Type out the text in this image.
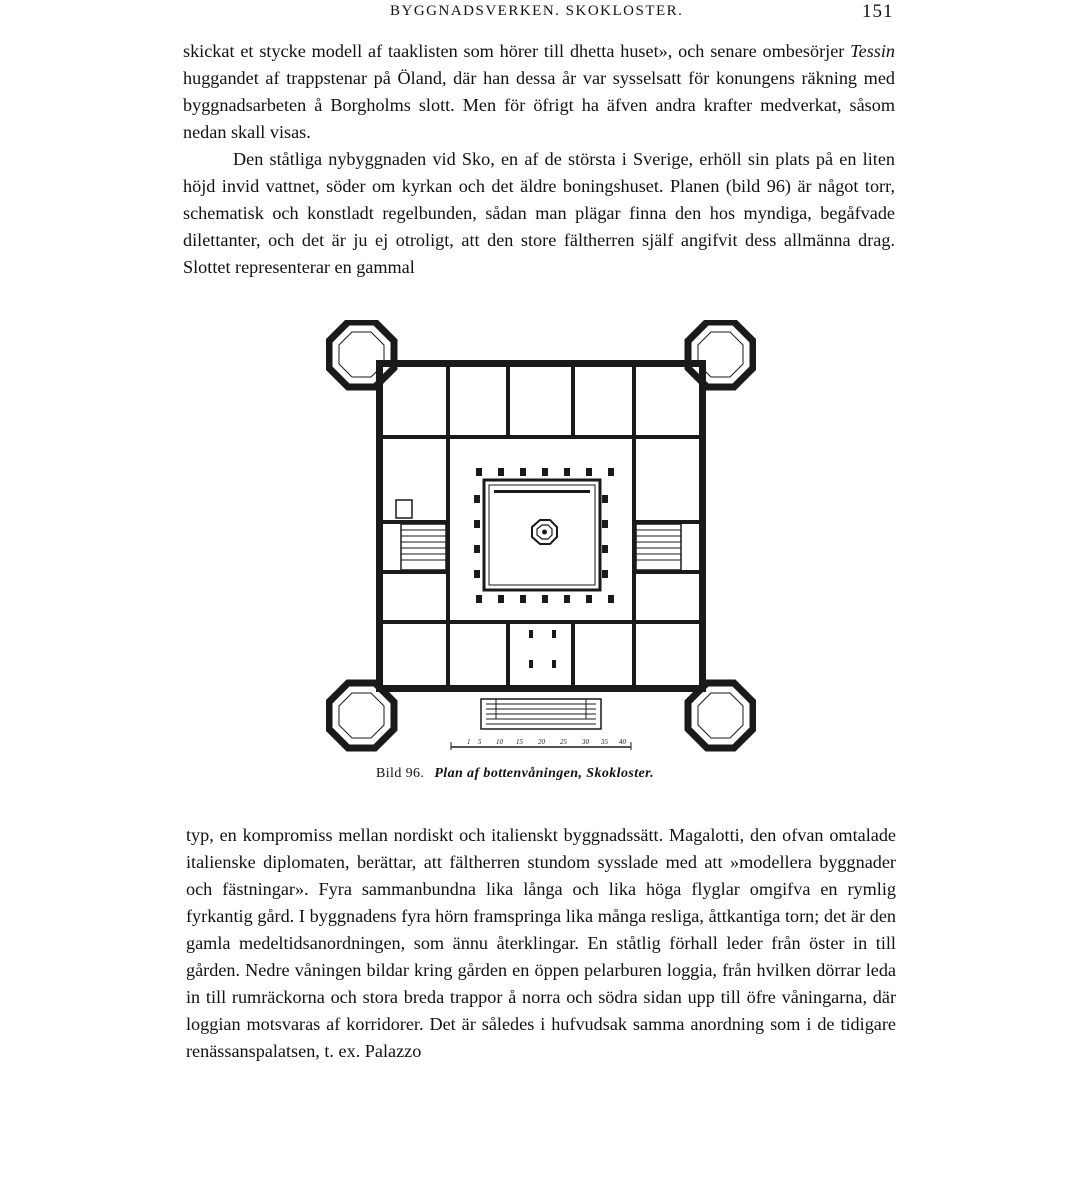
BYGGNADSVERKEN. SKOKLOSTER.	151

skickat et stycke modell af taaklisten som hörer till dhetta huset», och senare ombesörjer Tessin huggandet af trappstenar på Öland, där han dessa år var sysselsatt för konungens räkning med byggnadsarbeten å Borgholms slott. Men för öfrigt ha äfven andra krafter medverkat, såsom nedan skall visas.

Den ståtliga nybyggnaden vid Sko, en af de största i Sverige, erhöll sin plats på en liten höjd invid vattnet, söder om kyrkan och det äldre boningshuset. Planen (bild 96) är något torr, schematisk och konstladt regelbunden, sådan man plägar finna den hos myndiga, begåfvade dilettanter, och det är ju ej otroligt, att den store fältherren själf angifvit dess allmänna drag. Slottet representerar en gammal

1 5 10 15 20 25 30 35 40
Bild 96. Plan af bottenvåningen, Skokloster.

typ, en kompromiss mellan nordiskt och italienskt byggnadssätt. Magalotti, den ofvan omtalade italienske diplomaten, berättar, att fältherren stundom sysslade med att »modellera byggnader och fästningar». Fyra sammanbundna lika långa och lika höga flyglar omgifva en rymlig fyrkantig gård. I byggnadens fyra hörn framspringa lika många resliga, åttkantiga torn; det är den gamla medeltidsanordningen, som ännu återklingar. En ståtlig förhall leder från öster in till gården. Nedre våningen bildar kring gården en öppen pelarburen loggia, från hvilken dörrar leda in till rumräckorna och stora breda trappor å norra och södra sidan upp till öfre våningarna, där loggian motsvaras af korridorer. Det är således i hufvudsak samma anordning som i de tidigare renässanspalatsen, t. ex. Palazzo
